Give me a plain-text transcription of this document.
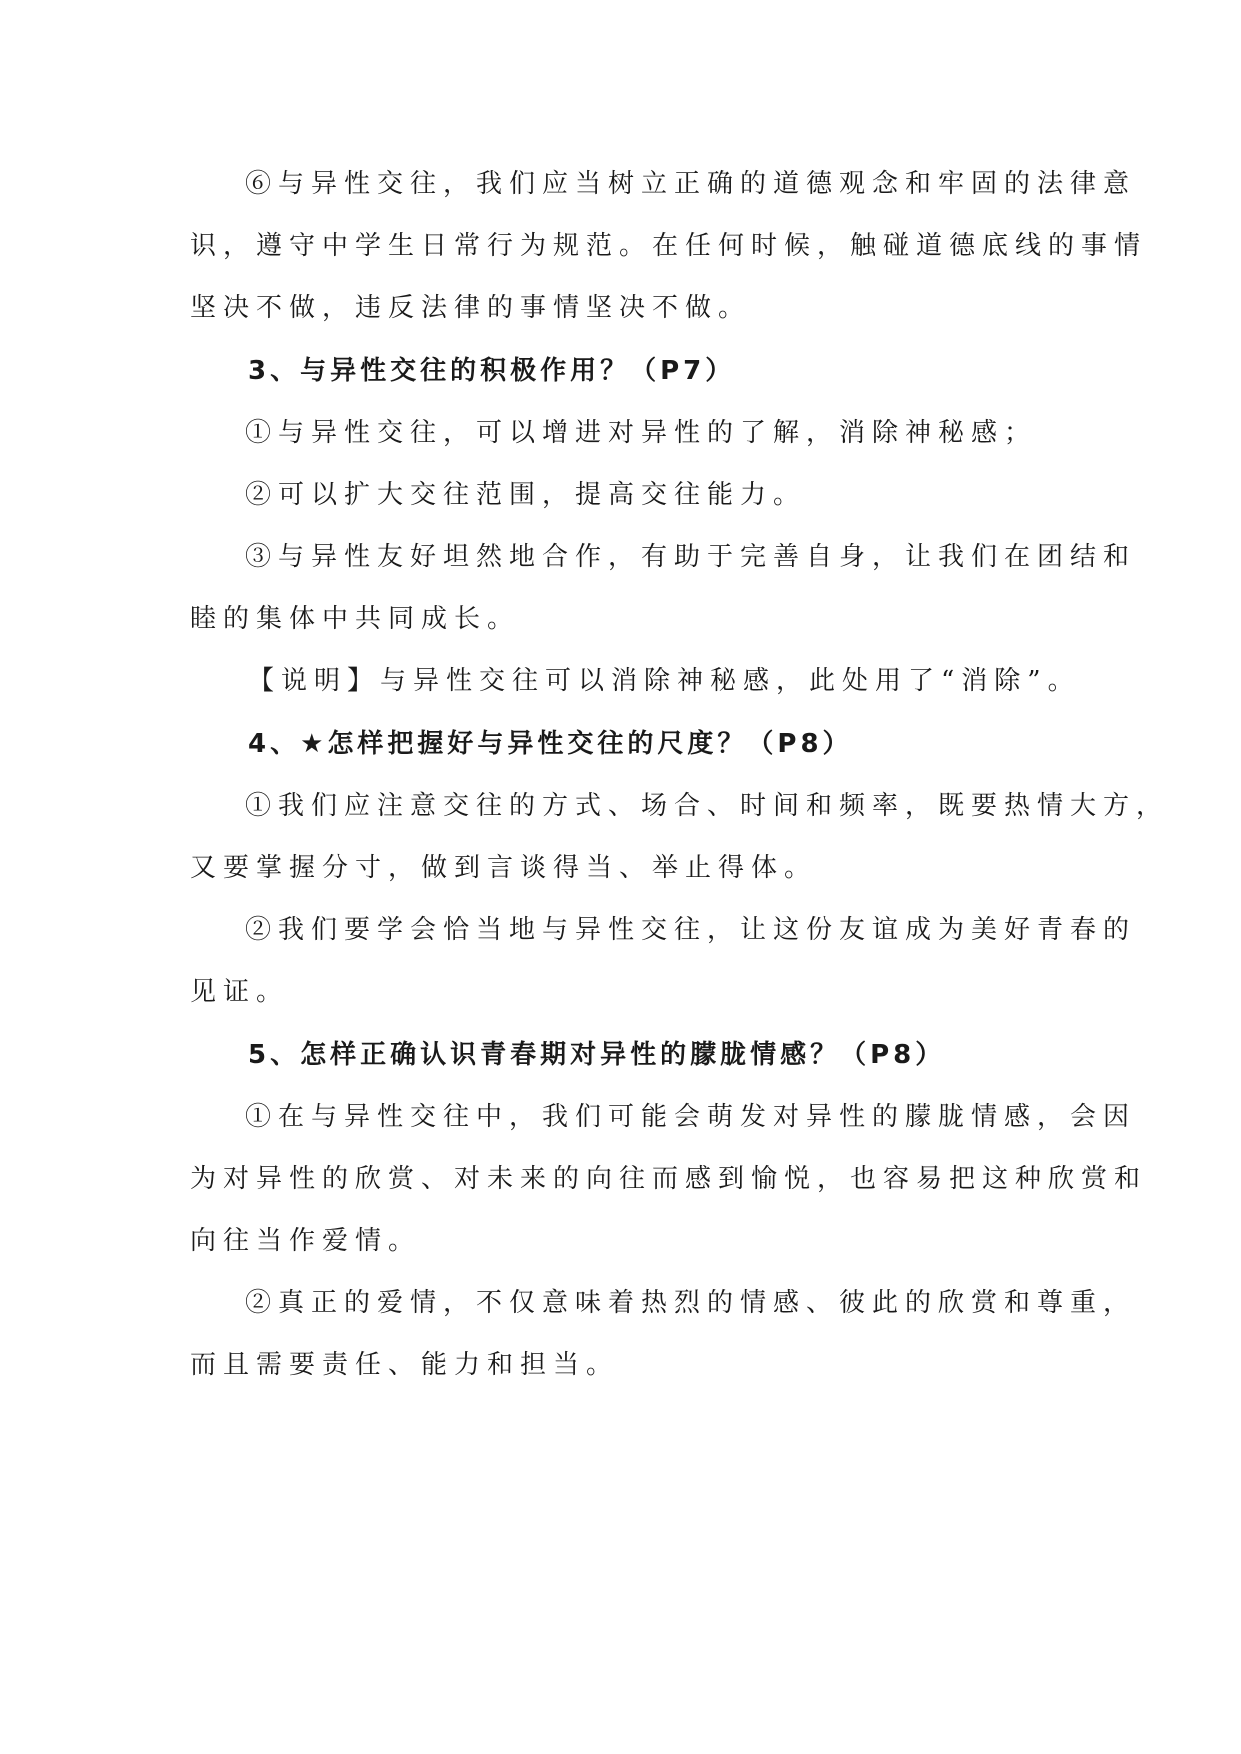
⑥与异性交往，我们应当树立正确的道德观念和牢固的法律意
识，遵守中学生日常行为规范。在任何时候，触碰道德底线的事情
坚决不做，违反法律的事情坚决不做。
3、与异性交往的积极作用？（P7）
①与异性交往，可以增进对异性的了解，消除神秘感；
②可以扩大交往范围，提高交往能力。
③与异性友好坦然地合作，有助于完善自身，让我们在团结和
睦的集体中共同成长。
【说明】与异性交往可以消除神秘感，此处用了“消除”。
4、★怎样把握好与异性交往的尺度？（P8）
①我们应注意交往的方式、场合、时间和频率，既要热情大方，
又要掌握分寸，做到言谈得当、举止得体。
②我们要学会恰当地与异性交往，让这份友谊成为美好青春的
见证。
5、怎样正确认识青春期对异性的朦胧情感？（P8）
①在与异性交往中，我们可能会萌发对异性的朦胧情感，会因
为对异性的欣赏、对未来的向往而感到愉悦，也容易把这种欣赏和
向往当作爱情。
②真正的爱情，不仅意味着热烈的情感、彼此的欣赏和尊重，
而且需要责任、能力和担当。
